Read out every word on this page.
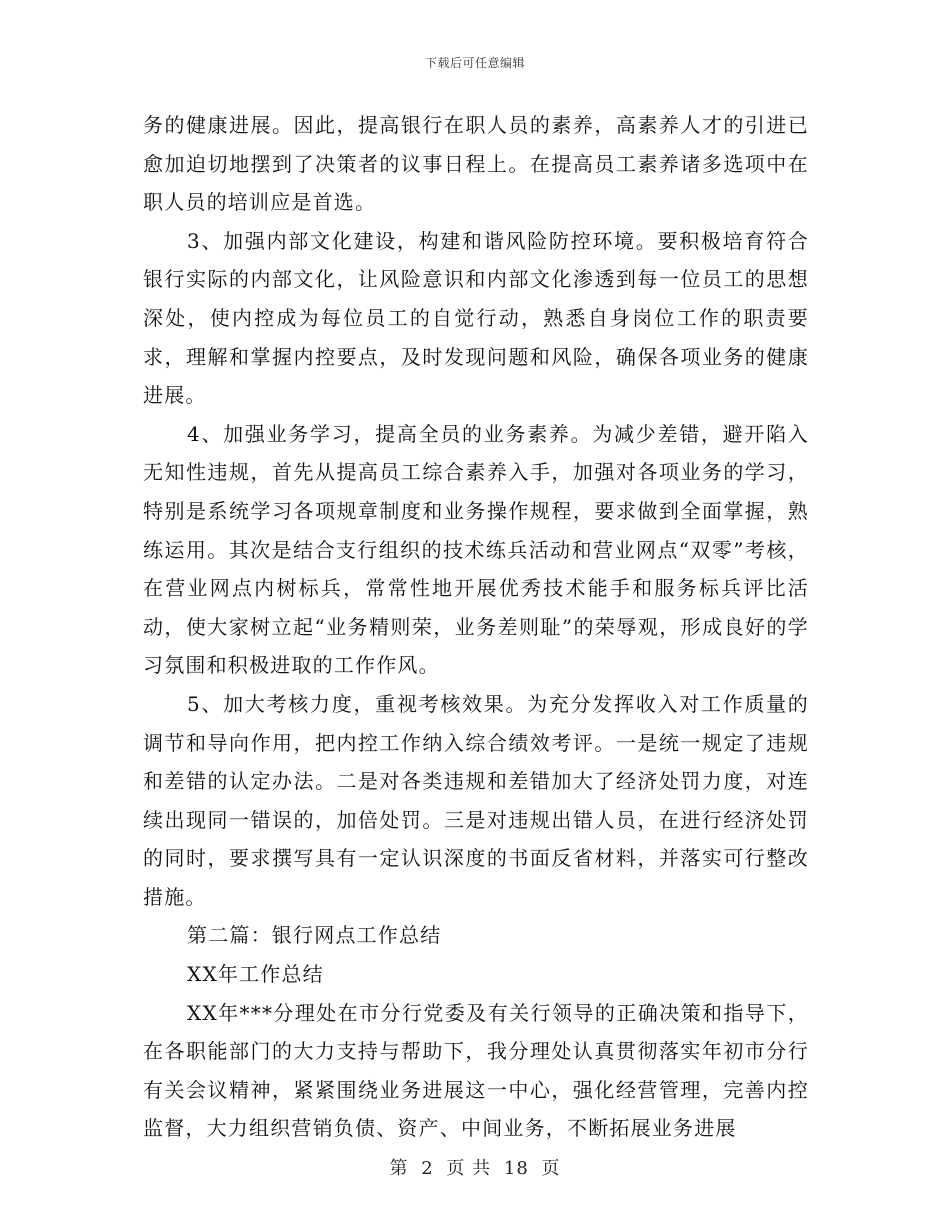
下载后可任意编辑

务的健康进展。因此，提高银行在职人员的素养，高素养人才的引进已愈加迫切地摆到了决策者的议事日程上。在提高员工素养诸多选项中在职人员的培训应是首选。

3、加强内部文化建设，构建和谐风险防控环境。要积极培育符合银行实际的内部文化，让风险意识和内部文化渗透到每一位员工的思想深处，使内控成为每位员工的自觉行动，熟悉自身岗位工作的职责要求，理解和掌握内控要点，及时发现问题和风险，确保各项业务的健康进展。

4、加强业务学习，提高全员的业务素养。为减少差错，避开陷入无知性违规，首先从提高员工综合素养入手，加强对各项业务的学习，特别是系统学习各项规章制度和业务操作规程，要求做到全面掌握，熟练运用。其次是结合支行组织的技术练兵活动和营业网点“双零”考核，在营业网点内树标兵，常常性地开展优秀技术能手和服务标兵评比活动，使大家树立起“业务精则荣，业务差则耻”的荣辱观，形成良好的学习氛围和积极进取的工作作风。

5、加大考核力度，重视考核效果。为充分发挥收入对工作质量的调节和导向作用，把内控工作纳入综合绩效考评。一是统一规定了违规和差错的认定办法。二是对各类违规和差错加大了经济处罚力度，对连续出现同一错误的，加倍处罚。三是对违规出错人员，在进行经济处罚的同时，要求撰写具有一定认识深度的书面反省材料，并落实可行整改措施。

第二篇：银行网点工作总结

XX年工作总结

XX年***分理处在市分行党委及有关行领导的正确决策和指导下，在各职能部门的大力支持与帮助下，我分理处认真贯彻落实年初市分行有关会议精神，紧紧围绕业务进展这一中心，强化经营管理，完善内控监督，大力组织营销负债、资产、中间业务，不断拓展业务进展

第 2 页 共 18 页
